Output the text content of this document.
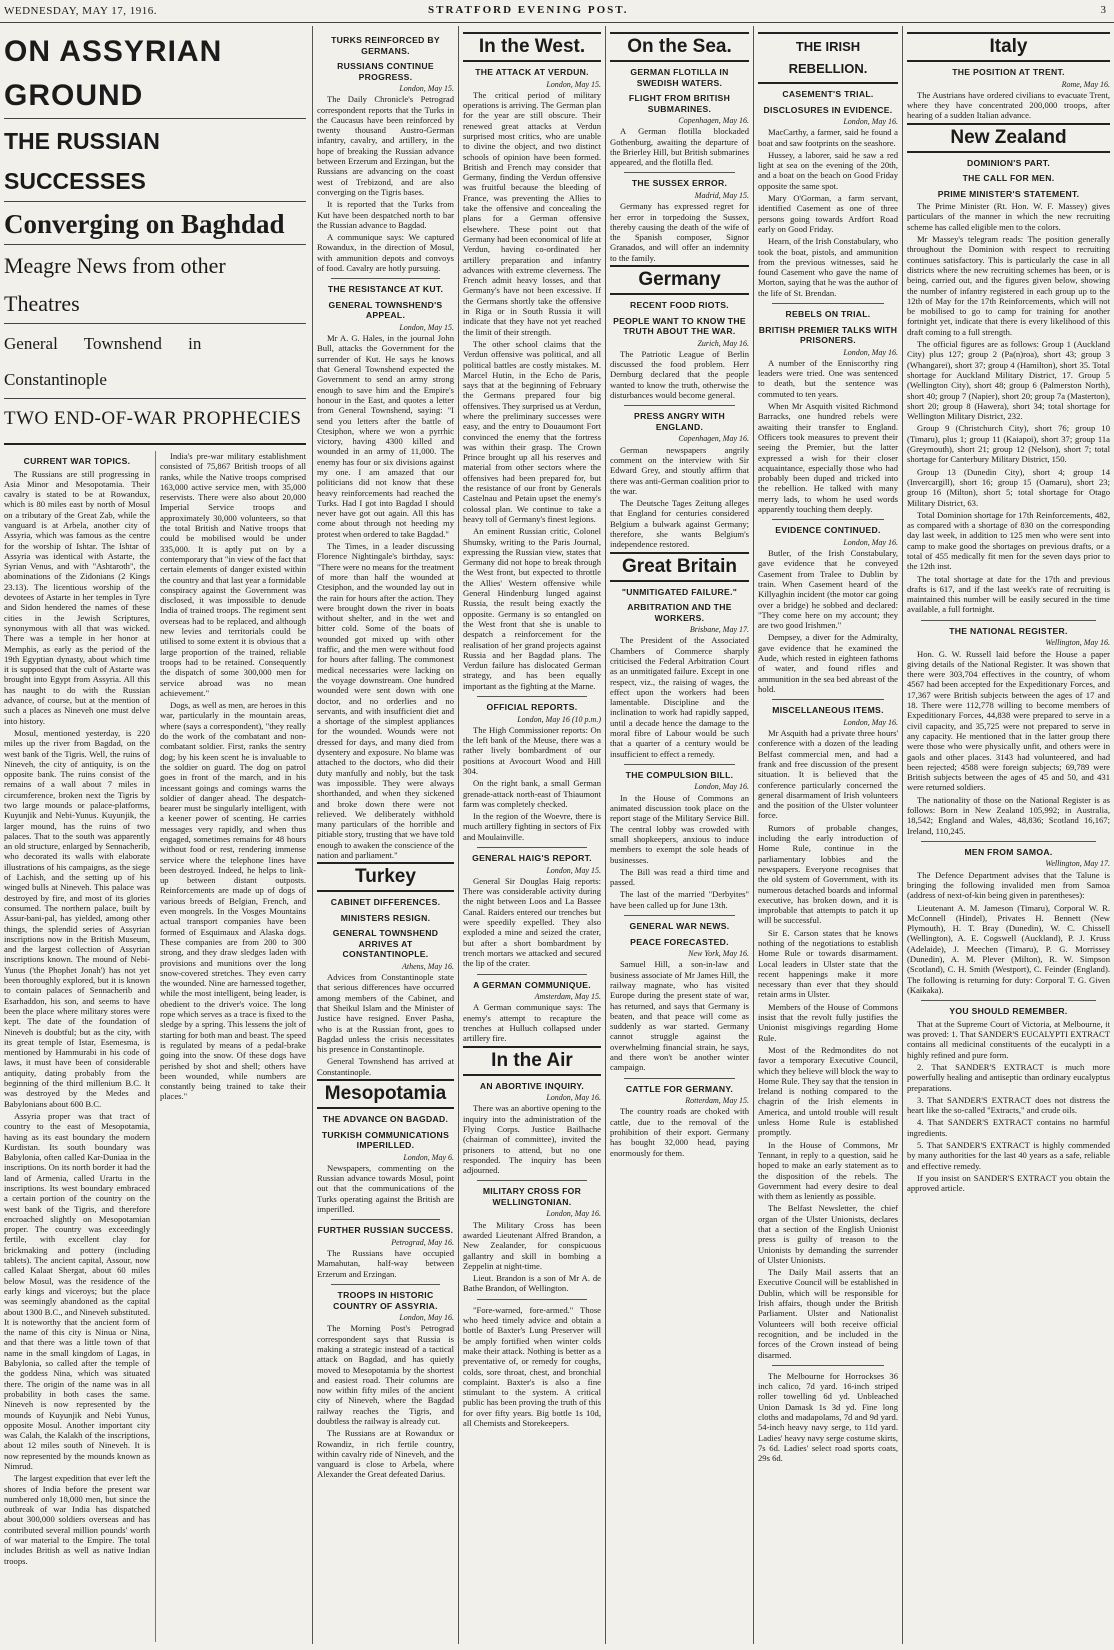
WEDNESDAY, MAY 17, 1916.	STRATFORD EVENING POST.	3
ON ASSYRIAN GROUND
THE RUSSIAN SUCCESSES
Converging on Baghdad
Meagre News from other Theatres
General Townshend in Constantinople
TWO END-OF-WAR PROPHECIES
CURRENT WAR TOPICS.

The Russians are still progressing in Asia Minor and Mesopotamia. Their cavalry is stated to be at Rowandux, which is 80 miles east by north of Mosul on a tributary of the Great Zab, while the vanguard is at Arbela, another city of Assyria, which was famous as the centre for the worship of Ishtar. The Ishtar of Assyria was identical with Astarte, the Syrian Venus, and with "Ashtaroth", the abominations of the Zidonians (2 Kings 23.13). The licentious worship of the devotees of Astarte in her temples in Tyre and Sidon hendered the names of these cities in the Jewish Scriptures, synonymous with all that was wicked. There was a temple in her honor at Memphis, as early as the period of the 19th Egyptian dynasty, about which time it is supposed that the cult of Astarte was brought into Egypt from Assyria. All this has naught to do with the Russian advance, of course, but at the mention of such a places as Nineveh one must delve into history.

Mosul, mentioned yesterday, is 220 miles up the river from Bagdad, on the west bank of the Tigris. Well, the ruins of Nineveh, the city of antiquity, is on the opposite bank. The ruins consist of the remains of a wall about 7 miles in circumference, broken next the Tigris by two large mounds or palace-platforms, Kuyunjik and Nebi-Yunus. Kuyunjik, the larger mound, has the ruins of two palaces. That to the south was apparently an old structure, enlarged by Sennacherib, who decorated its walls with elaborate illustrations of his campaigns, as the siege of Lachish, and the setting up of his winged bulls at Nineveh. This palace was destroyed by fire, and most of its glories consumed. The northern palace, built by Assur-bani-pal, has yielded, among other things, the splendid series of Assyrian inscriptions now in the British Museum, and the largest collection of Assyrian inscriptions known. The mound of Nebi-Yunus ('the Phophet Jonah') has not yet been thoroughly explored, but it is known to contain palaces of Sennacherib and Esarhaddon, his son, and seems to have been the place where military stores were kept. The date of the foundation of Nineveh is doubtful; but as the city, with its great temple of Istar, Esemesma, is mentioned by Hammurabi in his code of laws, it must have been of considerable antiquity, dating probably from the beginning of the third millenium B.C. It was destroyed by the Medes and Babylonians about 600 B.C.

Assyria proper was that tract of country to the east of Mesopotamia, having as its east boundary the modern Kurdistan. Its south boundary was Babylonia, often called Kar-Duniaa in the inscriptions. On its north border it had the land of Armenia, called Urartu in the inscriptions. Its west boundary embraced a certain portion of the country on the west bank of the Tigris, and therefore encroached slightly on Mesopotamian proper. The country was exceedingly fertile, with excellent clay for brickmaking and pottery (including tablets). The ancient capital, Assour, now called Kalaat Shergat, about 60 miles below Mosul, was the residence of the early kings and viceroys; but the place was seemingly abandoned as the capital about 1300 B.C., and Nineveh substituted. It is noteworthy that the ancient form of the name of this city is Ninua or Nina, and that there was a little town of that name in the small kingdom of Lagas, in Babylonia, so called after the temple of the goddess Nina, which was situated there. The origin of the name was in all probability in both cases the same. Nineveh is now represented by the mounds of Kuyunjik and Nebi Yunus, opposite Mosul. Another important city was Calah, the Kalakh of the inscriptions, about 12 miles south of Nineveh. It is now represented by the mounds known as Nimrud.

The largest expedition that ever left the shores of India before the present war numbered only 18,000 men, but since the outbreak of war India has dispatched about 300,000 soldiers overseas and has contributed several million pounds' worth of war material to the Empire. The total includes British as well as native Indian troops.

India's pre-war military establishment consisted of 75,867 British troops of all ranks, while the Native troops comprised 163,000 active service men, with 35,000 reservists. There were also about 20,000 Imperial Service troops and approximately 30,000 volunteers, so that the total British and Native troops that could be mobilised would be under 335,000. It is aptly put on by a contemporary that "in view of the fact that certain elements of danger existed within the country and that last year a formidable conspiracy against the Government was disclosed, it was impossible to denude India of trained troops. The regiment sent overseas had to be replaced, and although new levies and territorials could be utilised to some extent it is obvious that a large proportion of the trained, reliable troops had to be retained. Consequently the dispatch of some 300,000 men for service abroad was no mean achievement."

Dogs, as well as men, are heroes in this war, particularly in the mountain areas, where (says a correspondent), "they really do the work of the combatant and non-combatant soldier. First, ranks the sentry dog; by his keen scent he is invaluable to the soldier on guard. The dog on patrol goes in front of the march, and in his incessant goings and comings warns the soldier of danger ahead. The despatch-bearer must be singularly intelligent, with a keener power of scenting. He carries messages very rapidly, and when thus engaged, sometimes remains for 48 hours without food or rest, rendering immense service where the telephone lines have been destroyed. Indeed, he helps to link-up between distant outposts. Reinforcements are made up of dogs of various breeds of Belgian, French, and even mongrels. In the Vosges Mountains actual transport companies have been formed of Esquimaux and Alaska dogs. These companies are from 200 to 300 strong, and they draw sledges laden with provisions and munitions over the long snow-covered stretches. They even carry the wounded. Nine are harnessed together, while the most intelligent, being leader, is obedient to the driver's voice. The long rope which serves as a trace is fixed to the sledge by a spring. This lessens the jolt of starting for both man and beast. The speed is regulated by means of a pedal-brake going into the snow. Of these dogs have perished by shot and shell; others have been wounded, while numbers are constantly being trained to take their places."

TURKS REINFORCED BY GERMANS.
RUSSIANS CONTINUE PROGRESS.
London, May 15.

The Daily Chronicle's Petrograd correspondent reports that the Turks in the Caucasus have been reinforced by twenty thousand Austro-German infantry, cavalry, and artillery, in the hope of breaking the Russian advance between Erzerum and Erzingan, but the Russians are advancing on the coast west of Trebizond, and are also converging on the Tigris bases.

It is reported that the Turks from Kut have been despatched north to bar the Russian advance to Bagdad.

A communique says: We captured Rowandux, in the direction of Mosul, with ammunition depots and convoys of food. Cavalry are hotly pursuing.

THE RESISTANCE AT KUT.
GENERAL TOWNSHEND'S APPEAL.
London, May 15.

Mr A. G. Hales, in the journal John Bull, attacks the Government for the surrender of Kut. He says he knows that General Townshend expected the Government to send an army strong enough to save him and the Empire's honour in the East, and quotes a letter from General Townshend, saying: "I send you letters after the battle of Ctesiphon, where we won a pyrrhic victory, having 4300 killed and wounded in an army of 11,000. The enemy has four or six divisions against my one. I am amazed that our politicians did not know that these heavy reinforcements had reached the Turks. Had I got into Bagdad I should never have got out again. All this has come about through not heeding my protest when ordered to take Bagdad."

The Times, in a leader discussing Florence Nightingale's birthday, says: "There were no means for the treatment of more than half the wounded at Ctesiphon, and the wounded lay out in the rain for hours after the action. They were brought down the river in boats without shelter, and in the wet and bitter cold. Some of the boats of wounded got mixed up with other traffic, and the men were without food for hours after falling. The commonest medical necessaries were lacking on the voyage downstream. One hundred wounded were sent down with one doctor, and no orderlies and no servants, and with insufficient diet and a shortage of the simplest appliances for the wounded. Wounds were not dressed for days, and many died from dysentery and exposure. No blame was attached to the doctors, who did their duty manfully and nobly, but the task was impossible. They were always shorthanded, and when they sickened and broke down there were not relieved. We deliberately withhold many particulars of the horrible and pitiable story, trusting that we have told enough to awaken the conscience of the nation and parliament."

Turkey
CABINET DIFFERENCES.
MINISTERS RESIGN.
GENERAL TOWNSHEND ARRIVES AT CONSTANTINOPLE.
Athens, May 16.

Advices from Constantinople state that serious differences have occurred among members of the Cabinet, and that Sheikul Islam and the Minister of Justice have resigned. Enver Pasha, who is at the Russian front, goes to Bagdad unless the crisis necessitates his presence in Constantinople.

General Townshend has arrived at Constantinople.

Mesopotamia
THE ADVANCE ON BAGDAD.
TURKISH COMMUNICATIONS IMPERILLED.
London, May 6.

Newspapers, commenting on the Russian advance towards Mosul, point out that the communications of the Turks operating against the British are imperilled.

FURTHER RUSSIAN SUCCESS.
Petrograd, May 16.

The Russians have occupied Mamahutan, half-way between Erzerum and Erzingan.

TROOPS IN HISTORIC COUNTRY OF ASSYRIA.
London, May 16.

The Morning Post's Petrograd correspondent says that Russia is making a strategic instead of a tactical attack on Bagdad, and has quietly moved to Mesopotamia by the shortest and easiest road. Their columns are now within fifty miles of the ancient city of Nineveh, where the Bagdad railway reaches the Tigris, and doubtless the railway is already cut.

The Russians are at Rowandux or Rowandiz, in rich fertile country, within cavalry ride of Nineveh, and the vanguard is close to Arbela, where Alexander the Great defeated Darius.

In the West.
THE ATTACK AT VERDUN.
London, May 15.

The critical period of military operations is arriving. The German plan for the year are still obscure. Their renewed great attacks at Verdun surprised most critics, who are unable to divine the object, and two distinct schools of opinion have been formed. British and French may consider that Germany, finding the Verdun offensive was fruitful because the bleeding of France, was preventing the Allies to take the offensive and concealing the plans for a German offensive elsewhere. These point out that Germany had been economical of life at Verdun, having co-ordinated her artillery preparation and infantry advances with extreme cleverness. The French admit heavy losses, and that Germany's have not been excessive. If the Germans shortly take the offensive in Riga or in South Russia it will indicate that they have not yet reached the limit of their strength.

The other school claims that the Verdun offensive was political, and all political battles are costly mistakes. M. Marcel Hutin, in the Echo de Paris, says that at the beginning of February the Germans prepared four big offensives. They surprised us at Verdun, where the preliminary successes were easy, and the entry to Douaumont Fort convinced the enemy that the fortress was within their grasp. The Crown Prince brought up all his reserves and material from other sectors where the offensives had been prepared for, but the resistance of our front by Generals Castelnau and Petain upset the enemy's colossal plan. We continue to take a heavy toll of Germany's finest legions.

An eminent Russian critic, Colonel Shumsky, writing to the Paris Journal, expressing the Russian view, states that Germany did not hope to break through the West front, but expected to throttle the Allies' Western offensive while General Hindenburg lunged against Russia, the result being exactly the opposite. Germany is so entangled on the West front that she is unable to despatch a reinforcement for the realisation of her grand projects against Russia and her Bagdad plans. The Verdun failure has dislocated German strategy, and has been equally important as the fighting at the Marne.

OFFICIAL REPORTS.
London, May 16 (10 p.m.)

The High Commissioner reports: On the left bank of the Meuse, there was a rather lively bombardment of our positions at Avocourt Wood and Hill 304.

On the right bank, a small German grenade-attack north-east of Thiaumont farm was completely checked.

In the region of the Woevre, there is much artillery fighting in sectors of Fix and Moulainville.

GENERAL HAIG'S REPORT.
London, May 15.

General Sir Douglas Haig reports: There was considerable activity during the night between Loos and La Bassee Canal. Raiders entered our trenches but were speedily expelled. They also exploded a mine and seized the crater, but after a short bombardment by trench mortars we attacked and secured the lip of the crater.

A GERMAN COMMUNIQUE.
Amsterdam, May 15.

A German communique says: The enemy's attempt to recapture the trenches at Hulluch collapsed under artillery fire.

In the Air
AN ABORTIVE INQUIRY.
London, May 16.

There was an abortive opening to the inquiry into the administration of the Flying Corps. Justice Bailhache (chairman of committee), invited the prisoners to attend, but no one responded. The inquiry has been adjourned.

MILITARY CROSS FOR WELLINGTONIAN.
London, May 16.

The Military Cross has been awarded Lieutenant Alfred Brandon, a New Zealander, for conspicuous gallantry and skill in bombing a Zeppelin at night-time.

Lieut. Brandon is a son of Mr A. de Bathe Brandon, of Wellington.

"Fore-warned, fore-armed." Those who heed timely advice and obtain a bottle of Baxter's Lung Preserver will be amply fortified when winter colds make their attack. Nothing is better as a preventative of, or remedy for coughs, colds, sore throat, chest, and bronchial complaint. Baxter's is also a fine stimulant to the system. A critical public has been proving the truth of this for over fifty years. Big bottle 1s 10d, all Chemists and Storekeepers.

On the Sea.
GERMAN FLOTILLA IN SWEDISH WATERS.
FLIGHT FROM BRITISH SUBMARINES.
Copenhagen, May 16.

A German flotilla blockaded Gothenburg, awaiting the departure of the Brierley Hill, but British submarines appeared, and the flotilla fled.

THE SUSSEX ERROR.
Madrid, May 15.

Germany has expressed regret for her error in torpedoing the Sussex, thereby causing the death of the wife of the Spanish composer, Signor Granados, and will offer an indemnity to the family.

Germany
RECENT FOOD RIOTS.
PEOPLE WANT TO KNOW THE TRUTH ABOUT THE WAR.
Zurich, May 16.

The Patriotic League of Berlin discussed the food problem. Herr Dernburg declared that the people wanted to know the truth, otherwise the disturbances would become general.

PRESS ANGRY WITH ENGLAND.
Copenhagen, May 16.

German newspapers angrily comment on the interview with Sir Edward Grey, and stoutly affirm that there was anti-German coalition prior to the war.

The Deutsche Tages Zeitung alleges that England for centuries considered Belgium a bulwark against Germany; therefore, she wants Belgium's independence restored.

Great Britain
"UNMITIGATED FAILURE."
ARBITRATION AND THE WORKERS.
Brisbane, May 17.

The President of the Associated Chambers of Commerce sharply criticised the Federal Arbitration Court as an unmitigated failure. Except in one respect, viz., the raising of wages, the effect upon the workers had been lamentable. Discipline and the inclination to work had rapidly sapped, until a decade hence the damage to the moral fibre of Labour would be such that a quarter of a century would be insufficient to effect a remedy.

THE COMPULSION BILL.
London, May 16.

In the House of Commons an animated discussion took place on the report stage of the Military Service Bill. The central lobby was crowded with small shopkeepers, anxious to induce members to exempt the sole heads of businesses.

The Bill was read a third time and passed.

The last of the married "Derbyites" have been called up for June 13th.

GENERAL WAR NEWS.
PEACE FORECASTED.
New York, May 16.

Samuel Hill, a son-in-law and business associate of Mr James Hill, the railway magnate, who has visited Europe during the present state of war, has returned, and says that Germany is beaten, and that peace will come as suddenly as war started. Germany cannot struggle against the overwhelming financial strain, he says, and there won't be another winter campaign.

CATTLE FOR GERMANY.
Rotterdam, May 15.

The country roads are choked with cattle, due to the removal of the prohibition of their export. Germany has bought 32,000 head, paying enormously for them.

THE IRISH REBELLION.
CASEMENT'S TRIAL.
DISCLOSURES IN EVIDENCE.
London, May 16.

MacCarthy, a farmer, said he found a boat and saw footprints on the seashore.

Hussey, a laborer, said he saw a red light at sea on the evening of the 20th, and a boat on the beach on Good Friday opposite the same spot.

Mary O'Gorman, a farm servant, identified Casement as one of three persons going towards Ardfort Road early on Good Friday.

Hearn, of the Irish Constabulary, who took the boat, pistols, and ammunition from the previous witnesses, said he found Casement who gave the name of Morton, saying that he was the author of the life of St. Brendan.

REBELS ON TRIAL.
BRITISH PREMIER TALKS WITH PRISONERS.
London, May 16.

A number of the Enniscorthy ring leaders were tried. One was sentenced to death, but the sentence was commuted to ten years.

When Mr Asquith visited Richmond Barracks, one hundred rebels were awaiting their transfer to England. Officers took measures to prevent their seeing the Premier, but the latter expressed a wish for their closer acquaintance, especially those who had probably been duped and tricked into the rebellion. He talked with many merry lads, to whom he used words apparently touching them deeply.

EVIDENCE CONTINUED.
London, May 16.

Butler, of the Irish Constabulary, gave evidence that he conveyed Casement from Tralee to Dublin by train. When Casement heard of the Killyaghin incident (the motor car going over a bridge) he sobbed and declared: "They come here on my account; they are two good Irishmen."

Dempsey, a diver for the Admiralty, gave evidence that he examined the Aude, which rested in eighteen fathoms of water, and found rifles and ammunition in the sea bed abreast of the hold.

MISCELLANEOUS ITEMS.
London, May 16.

Mr Asquith had a private three hours' conference with a dozen of the leading Belfast commercial men, and had a frank and free discussion of the present situation. It is believed that the conference particularly concerned the general disarmament of Irish volunteers and the position of the Ulster volunteer force.

Rumors of probable changes, including the early introduction of Home Rule, continue in the parliamentary lobbies and the newspapers. Everyone recognises that the old system of Government, with its numerous detached boards and informal executive, has broken down, and it is improbable that attempts to patch it up will be successful.

Sir E. Carson states that he knows nothing of the negotiations to establish Home Rule or towards disarmament. Local leaders in Ulster state that the recent happenings make it more necessary than ever that they should retain arms in Ulster.

Members of the House of Commons insist that the revolt fully justifies the Unionist misgivings regarding Home Rule.

Most of the Redmondites do not favor a temporary Executive Council, which they believe will block the way to Home Rule. They say that the tension in Ireland is nothing compared to the chagrin of the Irish elements in America, and untold trouble will result unless Home Rule is established promptly.

In the House of Commons, Mr Tennant, in reply to a question, said he hoped to make an early statement as to the disposition of the rebels. The Government had every desire to deal with them as leniently as possible.

The Belfast Newsletter, the chief organ of the Ulster Unionists, declares that a section of the English Unionist press is guilty of treason to the Unionists by demanding the surrender of Ulster Unionists.

The Daily Mail asserts that an Executive Council will be established in Dublin, which will be responsible for Irish affairs, though under the British Parliament. Ulster and Nationalist Volunteers will both receive official recognition, and be included in the forces of the Crown instead of being disarmed.

The Melbourne for Horrockses 36 inch calico, 7d yard. 16-inch striped roller towelling 6d yd. Unbleached Union Damask 1s 3d yd. Fine long cloths and madapolams, 7d and 9d yard. 54-inch heavy navy serge, to 11d yard. Ladies' heavy navy serge costume skirts, 7s 6d. Ladies' select road sports coats, 29s 6d.

Italy
THE POSITION AT TRENT.
Rome, May 16.

The Austrians have ordered civilians to evacuate Trent, where they have concentrated 200,000 troops, after hearing of a sudden Italian advance.

New Zealand
DOMINION'S PART.
THE CALL FOR MEN.
PRIME MINISTER'S STATEMENT.

The Prime Minister (Rt. Hon. W. F. Massey) gives particulars of the manner in which the new recruiting scheme has called eligible men to the colors.

Mr Massey's telegram reads: The position generally throughout the Dominion with respect to recruiting continues satisfactory. This is particularly the case in all districts where the new recruiting schemes has been, or is being, carried out, and the figures given below, showing the number of infantry registered in each group up to the 12th of May for the 17th Reinforcements, which will not be mobilised to go to camp for training for another fortnight yet, indicate that there is every likelihood of this draft coming to a full strength.

The official figures are as follows: Group 1 (Auckland City) plus 127; group 2 (Pa(n)roa), short 43; group 3 (Whangarei), short 37; group 4 (Hamilton), short 35. Total shortage for Auckland Military District, 17. Group 5 (Wellington City), short 48; group 6 (Palmerston North), short 40; group 7 (Napier), short 20; group 7a (Masterton), short 20; group 8 (Hawera), short 34; total shortage for Wellington Military District, 232.

Group 9 (Christchurch City), short 76; group 10 (Timaru), plus 1; group 11 (Kaiapoi), short 37; group 11a (Greymouth), short 21; group 12 (Nelson), short 7; total shortage for Canterbury Military District, 150.

Group 13 (Dunedin City), short 4; group 14 (Invercargill), short 16; group 15 (Oamaru), short 23; group 16 (Milton), short 5; total shortage for Otago Military District, 63.

Total Dominion shortage for 17th Reinforcements, 482, as compared with a shortage of 830 on the corresponding day last week, in addition to 125 men who were sent into camp to make good the shortages on previous drafts, or a total of 455 medically fit men for the seven days prior to the 12th inst.

The total shortage at date for the 17th and previous drafts is 617, and if the last week's rate of recruiting is maintained this number will be easily secured in the time available, a full fortnight.

THE NATIONAL REGISTER.
Wellington, May 16.

Hon. G. W. Russell laid before the House a paper giving details of the National Register. It was shown that there were 303,704 effectives in the country, of whom 4567 had been accepted for the Expeditionary Forces, and 17,367 were British subjects between the ages of 17 and 18. There were 112,778 willing to become members of Expeditionary Forces, 44,838 were prepared to serve in a civil capacity, and 35,725 were not prepared to serve in any capacity. He mentioned that in the latter group there were those who were physically unfit, and others were in gaols and other places. 3143 had volunteered, and had been rejected; 4588 were foreign subjects; 69,789 were British subjects between the ages of 45 and 50, and 431 were returned soldiers.

The nationality of those on the National Register is as follows: Born in New Zealand 105,992; in Australia, 18,542; England and Wales, 48,836; Scotland 16,167; Ireland, 110,245.

MEN FROM SAMOA.
Wellington, May 17.

The Defence Department advises that the Talune is bringing the following invalided men from Samoa (address of next-of-kin being given in parentheses):

Lieutenant A. M. Jameson (Timaru), Corporal W. R. McConnell (Hindel), Privates H. Bennett (New Plymouth), H. T. Bray (Dunedin), W. C. Chissell (Wellington), A. E. Cogswell (Auckland), P. J. Kruss (Adelaide), J. Meechen (Timaru), P. G. Morrissey (Dunedin), A. M. Plever (Milton), R. W. Simpson (Scotland), C. H. Smith (Westport), C. Feinder (England). The following is returning for duty: Corporal T. G. Given (Kaikaka).

YOU SHOULD REMEMBER.

That at the Supreme Court of Victoria, at Melbourne, it was proved: 1. That SANDER'S EUCALYPTI EXTRACT contains all medicinal constituents of the eucalypti in a highly refined and pure form.

2. That SANDER'S EXTRACT is much more powerfully healing and antiseptic than ordinary eucalyptus preparations.

3. That SANDER'S EXTRACT does not distress the heart like the so-called "Extracts," and crude oils.

4. That SANDER'S EXTRACT contains no harmful ingredients.

5. That SANDER'S EXTRACT is highly commended by many authorities for the last 40 years as a safe, reliable and effective remedy.

If you insist on SANDER'S EXTRACT you obtain the approved article.
